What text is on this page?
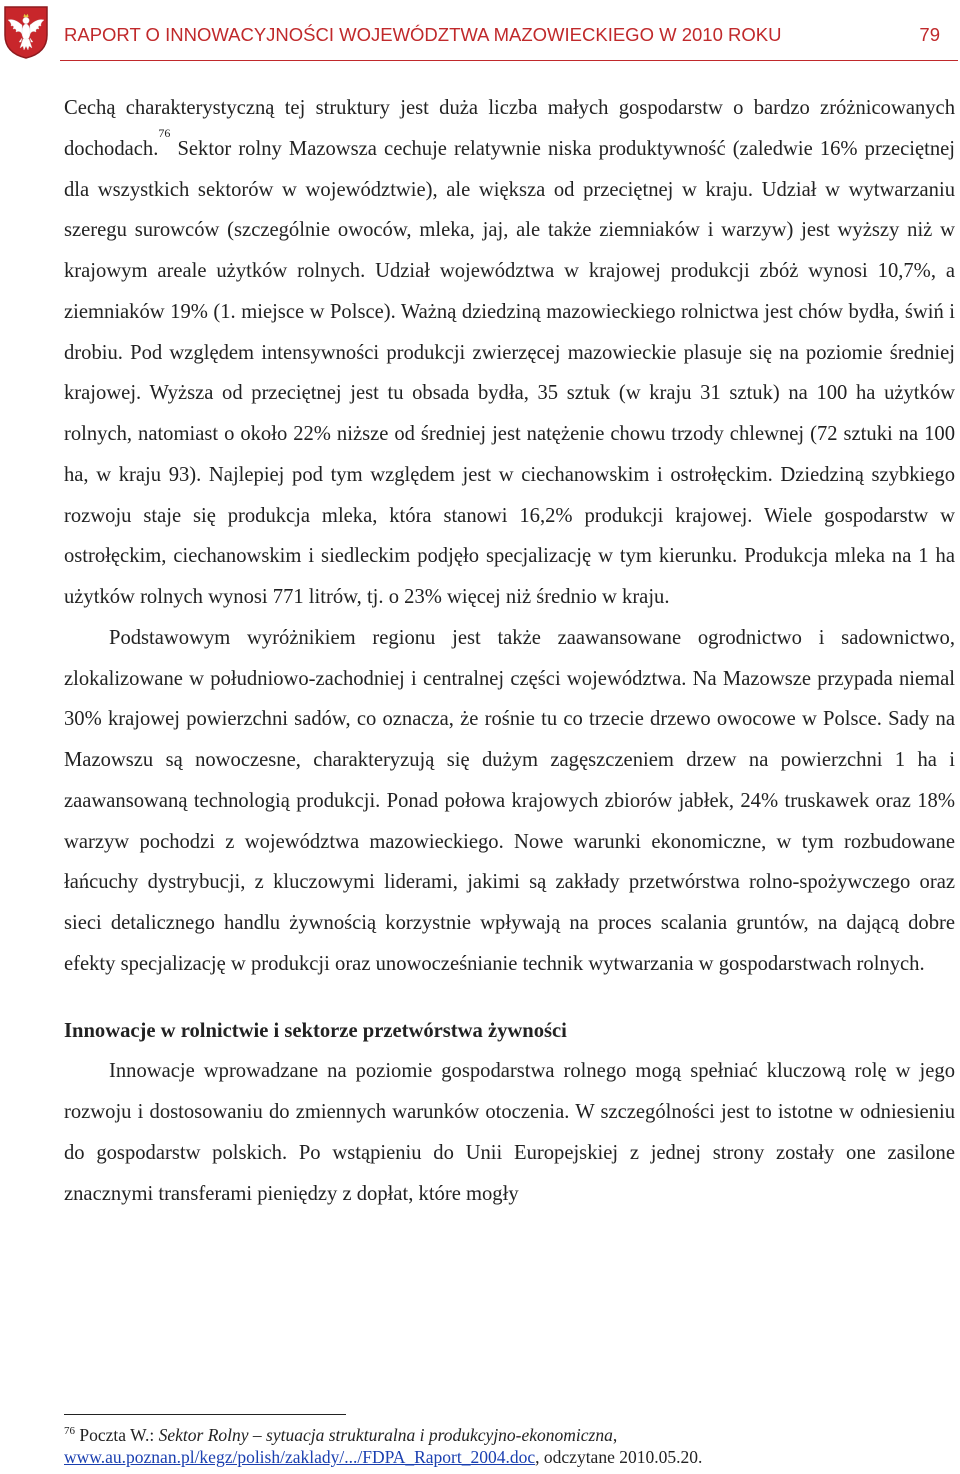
RAPORT O INNOWACYJNOŚCI WOJEWÓDZTWA MAZOWIECKIEGO W 2010 ROKU	79

Cechą charakterystyczną tej struktury jest duża liczba małych gospodarstw o bardzo zróżnicowanych dochodach.$^{76}$ Sektor rolny Mazowsza cechuje relatywnie niska produktywność (zaledwie 16% przeciętnej dla wszystkich sektorów w województwie), ale większa od przeciętnej w kraju. Udział w wytwarzaniu szeregu surowców (szczególnie owoców, mleka, jaj, ale także ziemniaków i warzyw) jest wyższy niż w krajowym areale użytków rolnych. Udział województwa w krajowej produkcji zbóż wynosi 10,7%, a ziemniaków 19% (1. miejsce w Polsce). Ważną dziedziną mazowieckiego rolnictwa jest chów bydła, świń i drobiu. Pod względem intensywności produkcji zwierzęcej mazowieckie plasuje się na poziomie średniej krajowej. Wyższa od przeciętnej jest tu obsada bydła, 35 sztuk (w kraju 31 sztuk) na 100 ha użytków rolnych, natomiast o około 22% niższe od średniej jest natężenie chowu trzody chlewnej (72 sztuki na 100 ha, w kraju 93). Najlepiej pod tym względem jest w ciechanowskim i ostrołęckim. Dziedziną szybkiego rozwoju staje się produkcja mleka, która stanowi 16,2% produkcji krajowej. Wiele gospodarstw w ostrołęckim, ciechanowskim i siedleckim podjęło specjalizację w tym kierunku. Produkcja mleka na 1 ha użytków rolnych wynosi 771 litrów, tj. o 23% więcej niż średnio w kraju.

Podstawowym wyróżnikiem regionu jest także zaawansowane ogrodnictwo i sadownictwo, zlokalizowane w południowo-zachodniej i centralnej części województwa. Na Mazowsze przypada niemal 30% krajowej powierzchni sadów, co oznacza, że rośnie tu co trzecie drzewo owocowe w Polsce. Sady na Mazowszu są nowoczesne, charakteryzują się dużym zagęszczeniem drzew na powierzchni 1 ha i zaawansowaną technologią produkcji. Ponad połowa krajowych zbiorów jabłek, 24% truskawek oraz 18% warzyw pochodzi z województwa mazowieckiego. Nowe warunki ekonomiczne, w tym rozbudowane łańcuchy dystrybucji, z kluczowymi liderami, jakimi są zakłady przetwórstwa rolno-spożywczego oraz sieci detalicznego handlu żywnością korzystnie wpływają na proces scalania gruntów, na dającą dobre efekty specjalizację w produkcji oraz unowocześnianie technik wytwarzania w gospodarstwach rolnych.

Innowacje w rolnictwie i sektorze przetwórstwa żywności

Innowacje wprowadzane na poziomie gospodarstwa rolnego mogą spełniać kluczową rolę w jego rozwoju i dostosowaniu do zmiennych warunków otoczenia. W szczególności jest to istotne w odniesieniu do gospodarstw polskich. Po wstąpieniu do Unii Europejskiej z jednej strony zostały one zasilone znacznymi transferami pieniędzy z dopłat, które mogły

$^{76}$ Poczta W.: Sektor Rolny – sytuacja strukturalna i produkcyjno-ekonomiczna,
www.au.poznan.pl/kegz/polish/zaklady/.../FDPA_Raport_2004.doc, odczytane 2010.05.20.
